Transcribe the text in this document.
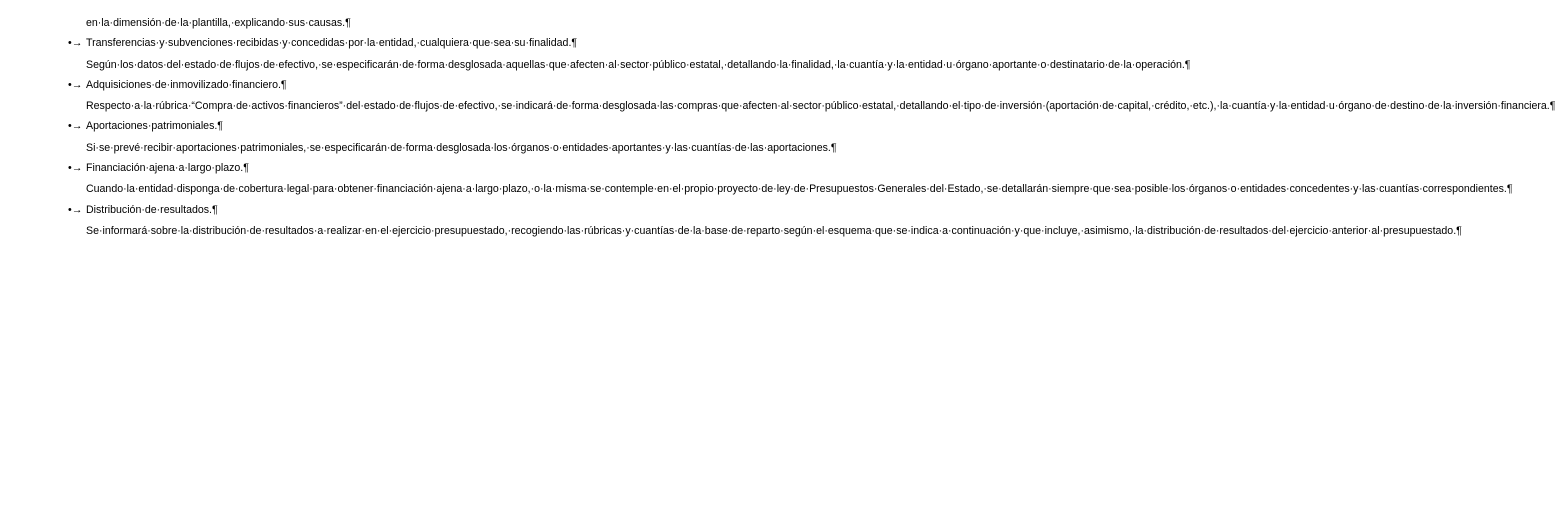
en·la·dimensión·de·la·plantilla,·explicando·sus·causas.¶

•→ Transferencias·y·subvenciones·recibidas·y·concedidas·por·la·entidad,·cualquiera·que·sea·su·finalidad.¶

Según·los·datos·del·estado·de·flujos·de·efectivo,·se·especificarán·de·forma·desglosada·aquellas·que·afecten·al·sector·público·estatal,·detallando·la·finalidad,·la·cuantía·y·la·entidad·u·órgano·aportante·o·destinatario·de·la·operación.¶

•→ Adquisiciones·de·inmovilizado·financiero.¶

Respecto·a·la·rúbrica·“Compra·de·activos·financieros”·del·estado·de·flujos·de·efectivo,·se·indicará·de·forma·desglosada·las·compras·que·afecten·al·sector·público·estatal,·detallando·el·tipo·de·inversión·(aportación·de·capital,·crédito,·etc.),·la·cuantía·y·la·entidad·u·órgano·de·destino·de·la·inversión·financiera.¶

•→ Aportaciones·patrimoniales.¶

Si·se·prevé·recibir·aportaciones·patrimoniales,·se·especificarán·de·forma·desglosada·los·órganos·o·entidades·aportantes·y·las·cuantías·de·las·aportaciones.¶

•→ Financiación·ajena·a·largo·plazo.¶

Cuando·la·entidad·disponga·de·cobertura·legal·para·obtener·financiación·ajena·a·largo·plazo,·o·la·misma·se·contemple·en·el·propio·proyecto·de·ley·de·Presupuestos·Generales·del·Estado,·se·detallarán·siempre·que·sea·posible·los·órganos·o·entidades·concedentes·y·las·cuantías·correspondientes.¶

•→ Distribución·de·resultados.¶

Se·informará·sobre·la·distribución·de·resultados·a·realizar·en·el·ejercicio·presupuestado,·recogiendo·las·rúbricas·y·cuantías·de·la·base·de·reparto·según·el·esquema·que·se·indica·a·continuación·y·que·incluye,·asimismo,·la·distribución·de·resultados·del·ejercicio·anterior·al·presupuestado.¶
